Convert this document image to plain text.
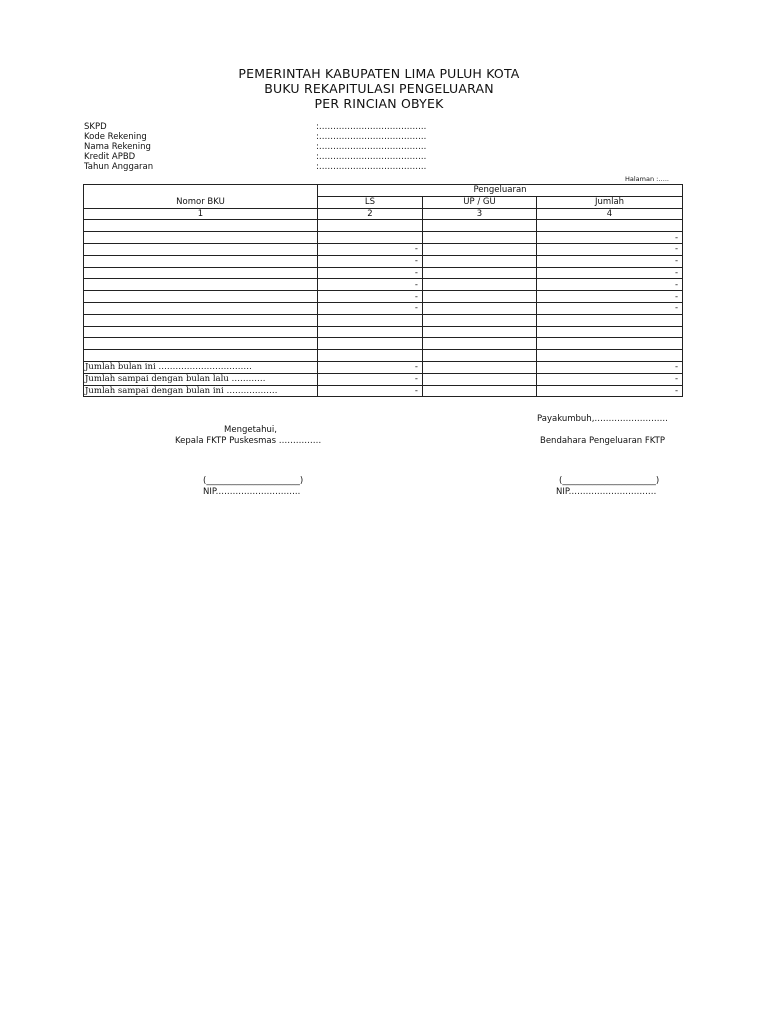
PEMERINTAH KABUPATEN LIMA PULUH KOTA
BUKU REKAPITULASI PENGELUARAN
PER RINCIAN OBYEK
SKPD	:………………………………..
Kode Rekening	:………………………………..
Nama Rekening	:………………………………..
Kredit APBD	:………………………………..
Tahun Anggaran	:………………………………..
Halaman :…..
	Pengeluaran		
Nomor BKU	LS	UP / GU	Jumlah
1	2	3	4

			-
	-		-
	-		-
	-		-
	-		-
	-		-
	-		-

Jumlah bulan ini ……………………………	-		-
Jumlah sampai dengan bulan lalu …………	-		-
Jumlah sampai dengan bulan ini ………………	-		-
Payakumbuh,……………………..
Mengetahui,
Kepala FKTP Puskesmas ……………	Bendahara Pengeluaran FKTP
(______________________)
NIP.………………………..
(______________________)
NIP.…………………………
